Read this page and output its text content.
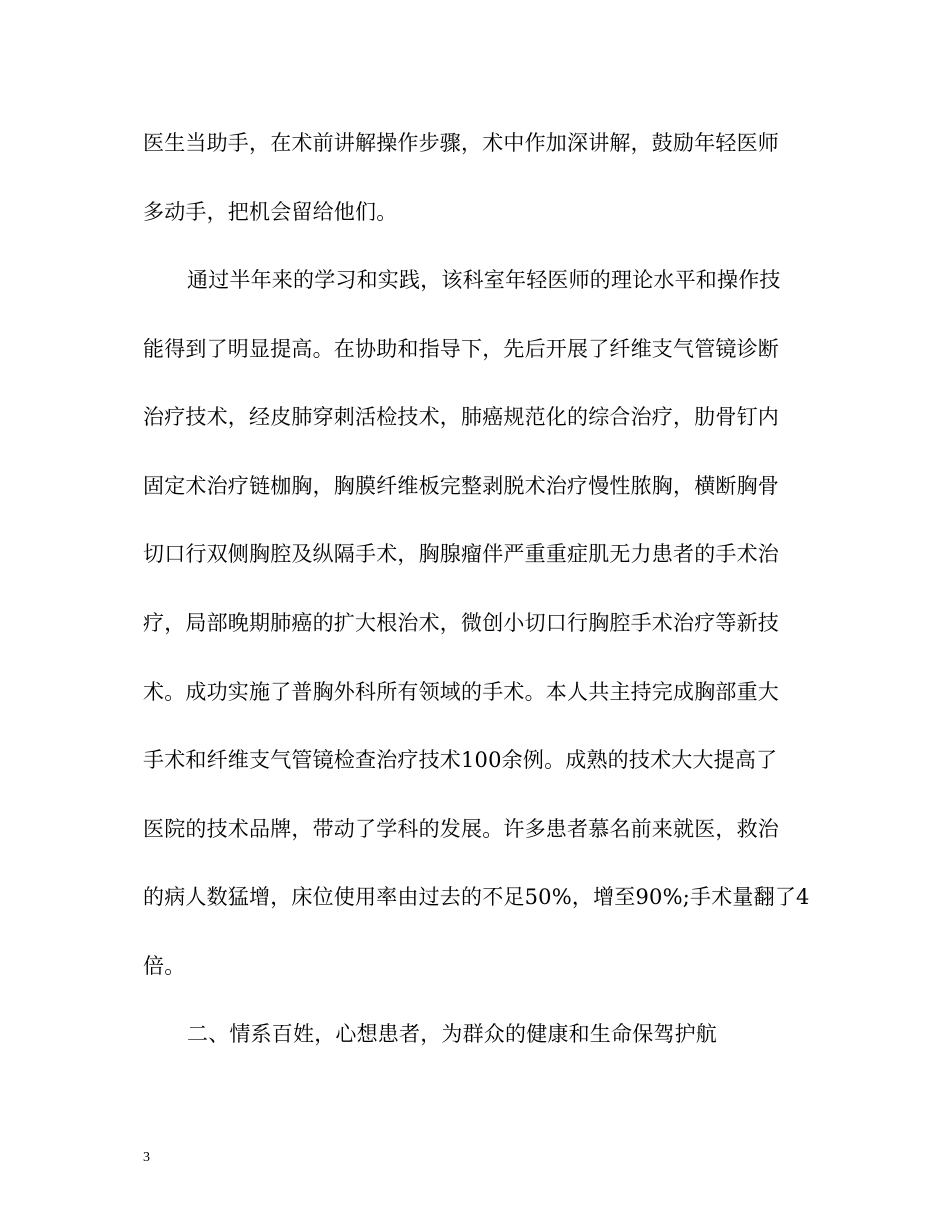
医生当助手，在术前讲解操作步骤，术中作加深讲解，鼓励年轻医师
多动手，把机会留给他们。
通过半年来的学习和实践，该科室年轻医师的理论水平和操作技
能得到了明显提高。在协助和指导下，先后开展了纤维支气管镜诊断
治疗技术，经皮肺穿刺活检技术，肺癌规范化的综合治疗，肋骨钉内
固定术治疗链枷胸，胸膜纤维板完整剥脱术治疗慢性脓胸，横断胸骨
切口行双侧胸腔及纵隔手术，胸腺瘤伴严重重症肌无力患者的手术治
疗，局部晚期肺癌的扩大根治术，微创小切口行胸腔手术治疗等新技
术。成功实施了普胸外科所有领域的手术。本人共主持完成胸部重大
手术和纤维支气管镜检查治疗技术100余例。成熟的技术大大提高了
医院的技术品牌，带动了学科的发展。许多患者慕名前来就医，救治
的病人数猛增，床位使用率由过去的不足50%，增至90%;手术量翻了4
倍。
二、情系百姓，心想患者，为群众的健康和生命保驾护航
3
